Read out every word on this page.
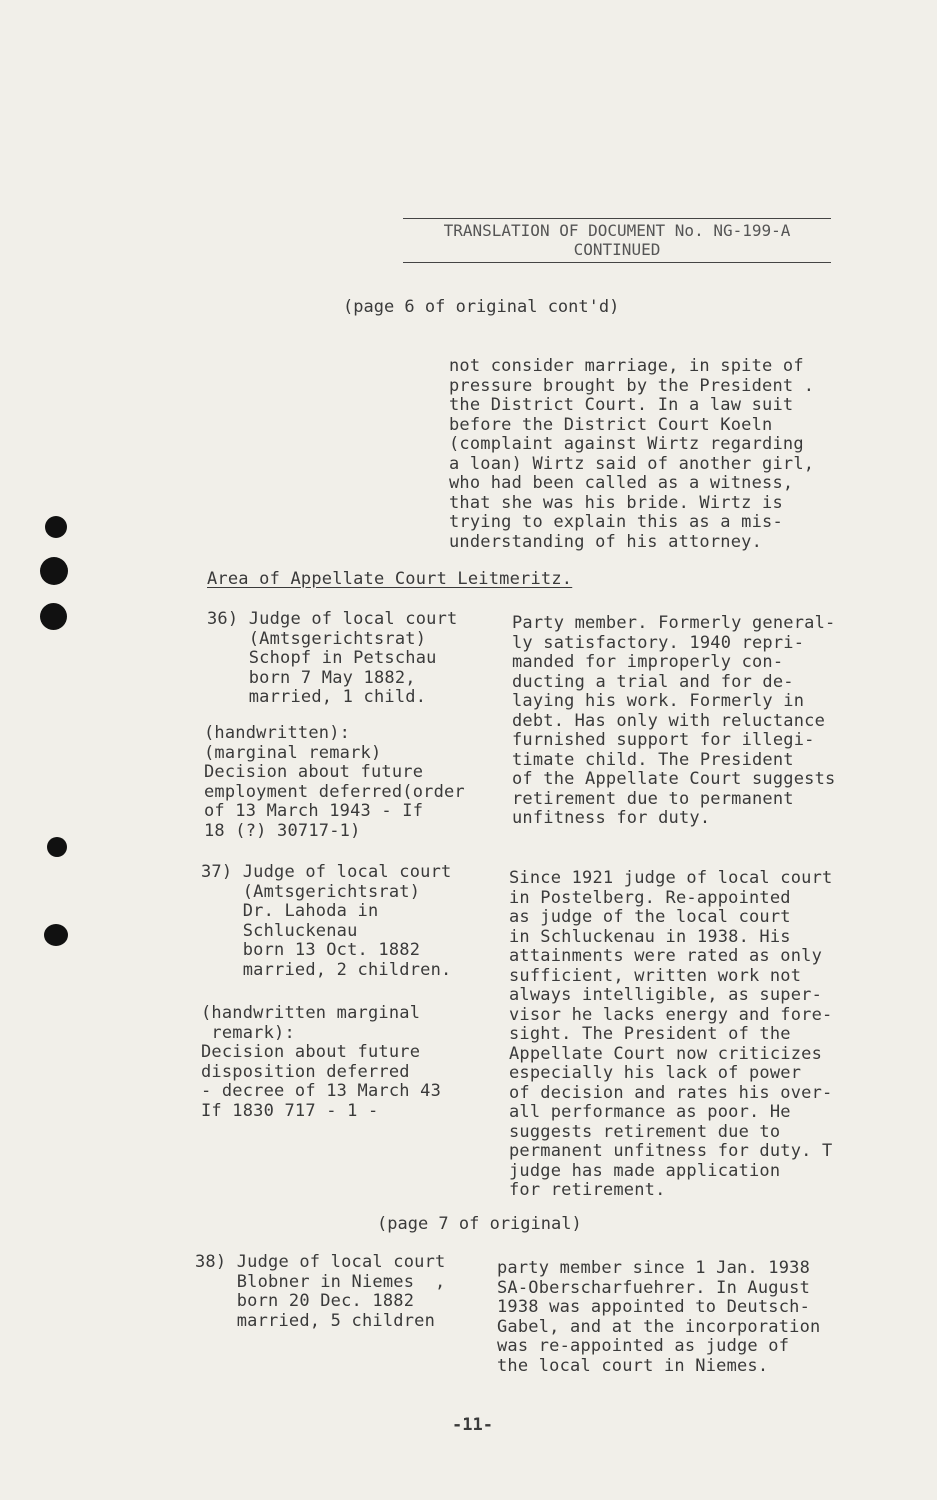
TRANSLATION OF DOCUMENT No. NG-199-A
CONTINUED
(page 6 of original cont'd)
not consider marriage, in spite of
pressure brought by the President .
the District Court. In a law suit
before the District Court Koeln
(complaint against Wirtz regarding
a loan) Wirtz said of another girl,
who had been called as a witness,
that she was his bride. Wirtz is
trying to explain this as a mis-
understanding of his attorney.
Area of Appellate Court Leitmeritz.
36) Judge of local court
(Amtsgerichtsrat)
Schopf in Petschau
born 7 May 1882,
married, 1 child.
(handwritten):
(marginal remark)
Decision about future
employment deferred(order
of 13 March 1943 - If
18 (?) 30717-1)
Party member. Formerly general-
ly satisfactory. 1940 repri-
manded for improperly con-
ducting a trial and for de-
laying his work. Formerly in
debt. Has only with reluctance
furnished support for illegi-
timate child. The President
of the Appellate Court suggests
retirement due to permanent
unfitness for duty.
37) Judge of local court
(Amtsgerichtsrat)
Dr. Lahoda in
Schluckenau
born 13 Oct. 1882
married, 2 children.
(handwritten marginal
remark):
Decision about future
disposition deferred
- decree of 13 March 43
If 1830 717 - 1 -
Since 1921 judge of local court
in Postelberg. Re-appointed
as judge of the local court
in Schluckenau in 1938. His
attainments were rated as only
sufficient, written work not
always intelligible, as super-
visor he lacks energy and fore-
sight. The President of the
Appellate Court now criticizes
especially his lack of power
of decision and rates his over-
all performance as poor. He
suggests retirement due to
permanent unfitness for duty. T
judge has made application
for retirement.
(page 7 of original)
38) Judge of local court
Blobner in Niemes  ,
born 20 Dec. 1882
married, 5 children
party member since 1 Jan. 1938
SA-Oberscharfuehrer. In August
1938 was appointed to Deutsch-
Gabel, and at the incorporation
was re-appointed as judge of
the local court in Niemes.
-11-
